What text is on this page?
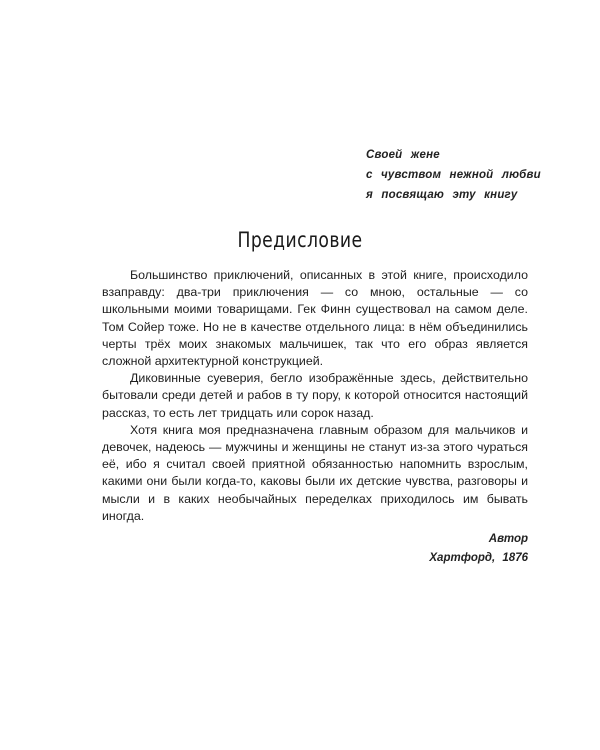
Своей жене
с чувством нежной любви
я посвящаю эту книгу
Предисловие

Большинство приключений, описанных в этой книге, происходило взаправду: два-три приключения — со мною, остальные — со школьными моими товарищами. Гек Финн существовал на самом деле. Том Сойер тоже. Но не в качестве отдельного лица: в нём объединились черты трёх моих знакомых мальчишек, так что его образ является сложной архитектурной конструкцией.

Диковинные суеверия, бегло изображённые здесь, действительно бытовали среди детей и рабов в ту пору, к которой относится настоящий рассказ, то есть лет тридцать или сорок назад.

Хотя книга моя предназначена главным образом для мальчиков и девочек, надеюсь — мужчины и женщины не станут из-за этого чураться её, ибо я считал своей приятной обязанностью напомнить взрослым, какими они были когда-то, каковы были их детские чувства, разговоры и мысли и в каких необычайных переделках приходилось им бывать иногда.

Автор
Хартфорд, 1876
